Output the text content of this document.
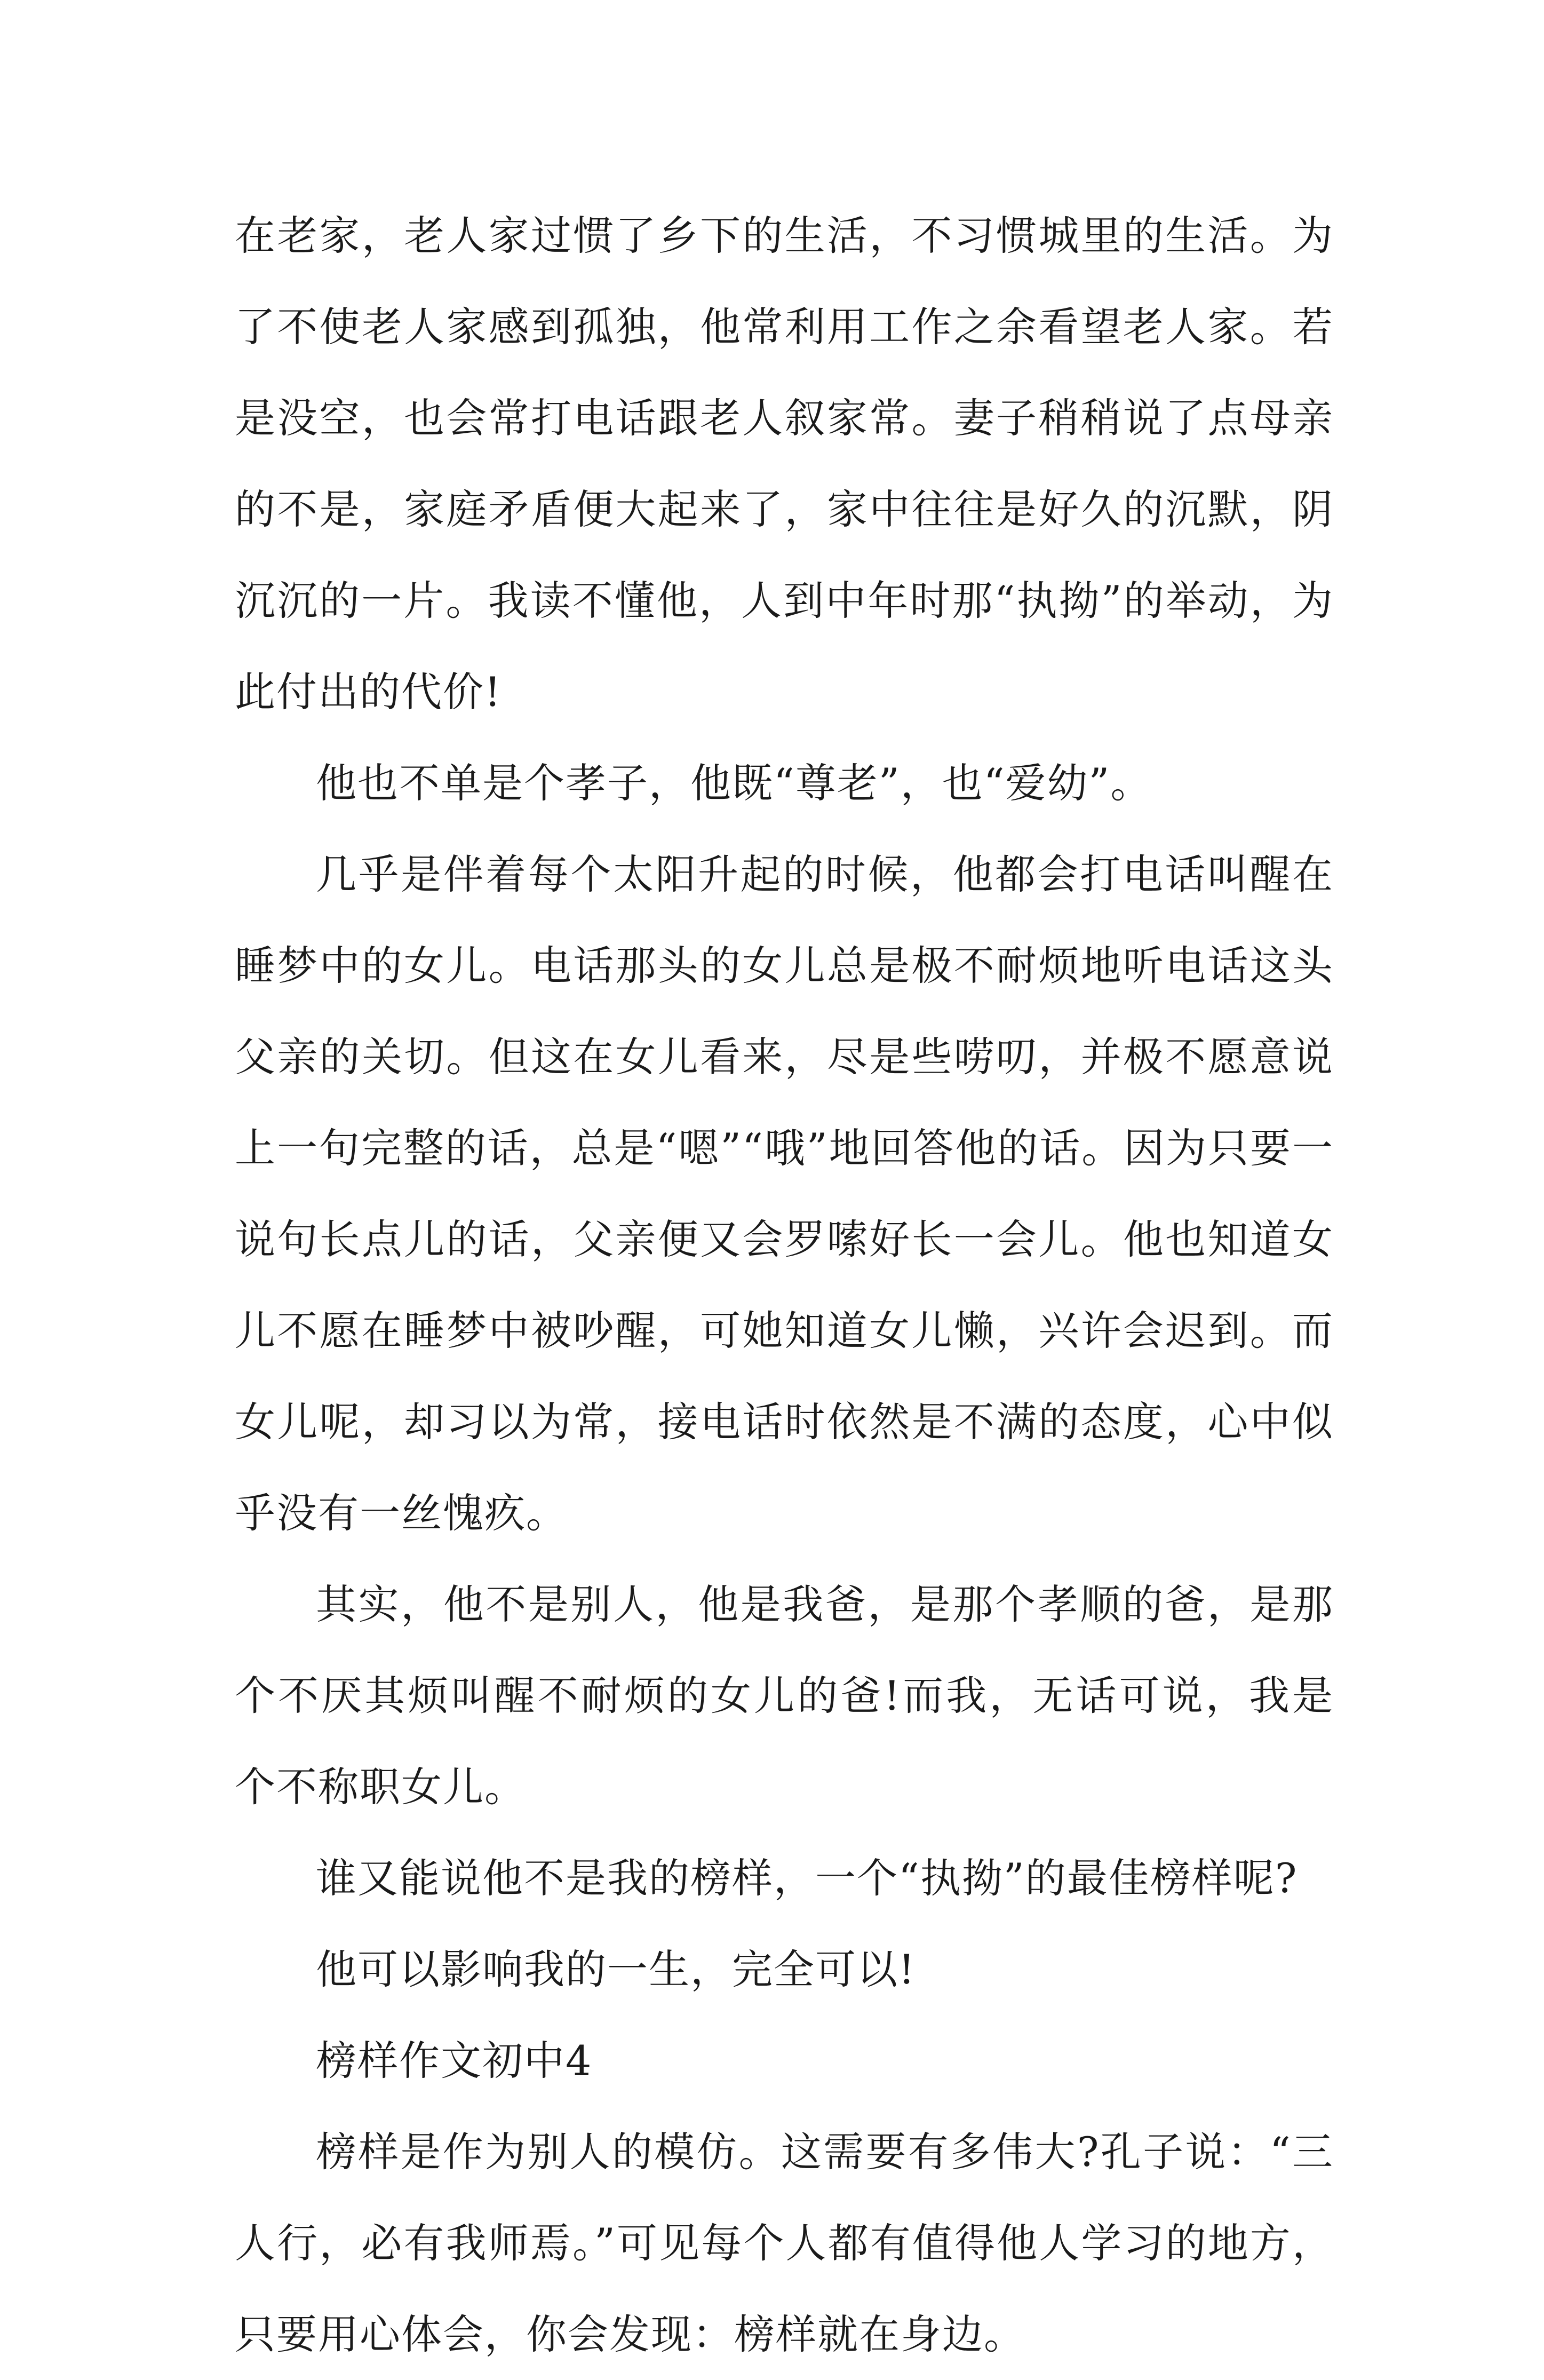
在老家，老人家过惯了乡下的生活，不习惯城里的生活。为了不使老人家感到孤独，他常利用工作之余看望老人家。若是没空，也会常打电话跟老人叙家常。妻子稍稍说了点母亲的不是，家庭矛盾便大起来了，家中往往是好久的沉默，阴沉沉的一片。我读不懂他，人到中年时那“执拗”的举动，为此付出的代价!

他也不单是个孝子，他既“尊老”，也“爱幼”。

几乎是伴着每个太阳升起的时候，他都会打电话叫醒在睡梦中的女儿。电话那头的女儿总是极不耐烦地听电话这头父亲的关切。但这在女儿看来，尽是些唠叨，并极不愿意说上一句完整的话，总是“嗯”“哦”地回答他的话。因为只要一说句长点儿的话，父亲便又会罗嗦好长一会儿。他也知道女儿不愿在睡梦中被吵醒，可她知道女儿懒，兴许会迟到。而女儿呢，却习以为常，接电话时依然是不满的态度，心中似乎没有一丝愧疚。

其实，他不是别人，他是我爸，是那个孝顺的爸，是那个不厌其烦叫醒不耐烦的女儿的爸!而我，无话可说，我是个不称职女儿。

谁又能说他不是我的榜样，一个“执拗”的最佳榜样呢?

他可以影响我的一生，完全可以!

榜样作文初中4

榜样是作为别人的模仿。这需要有多伟大?孔子说：“三人行，必有我师焉。”可见每个人都有值得他人学习的地方，只要用心体会，你会发现：榜样就在身边。
